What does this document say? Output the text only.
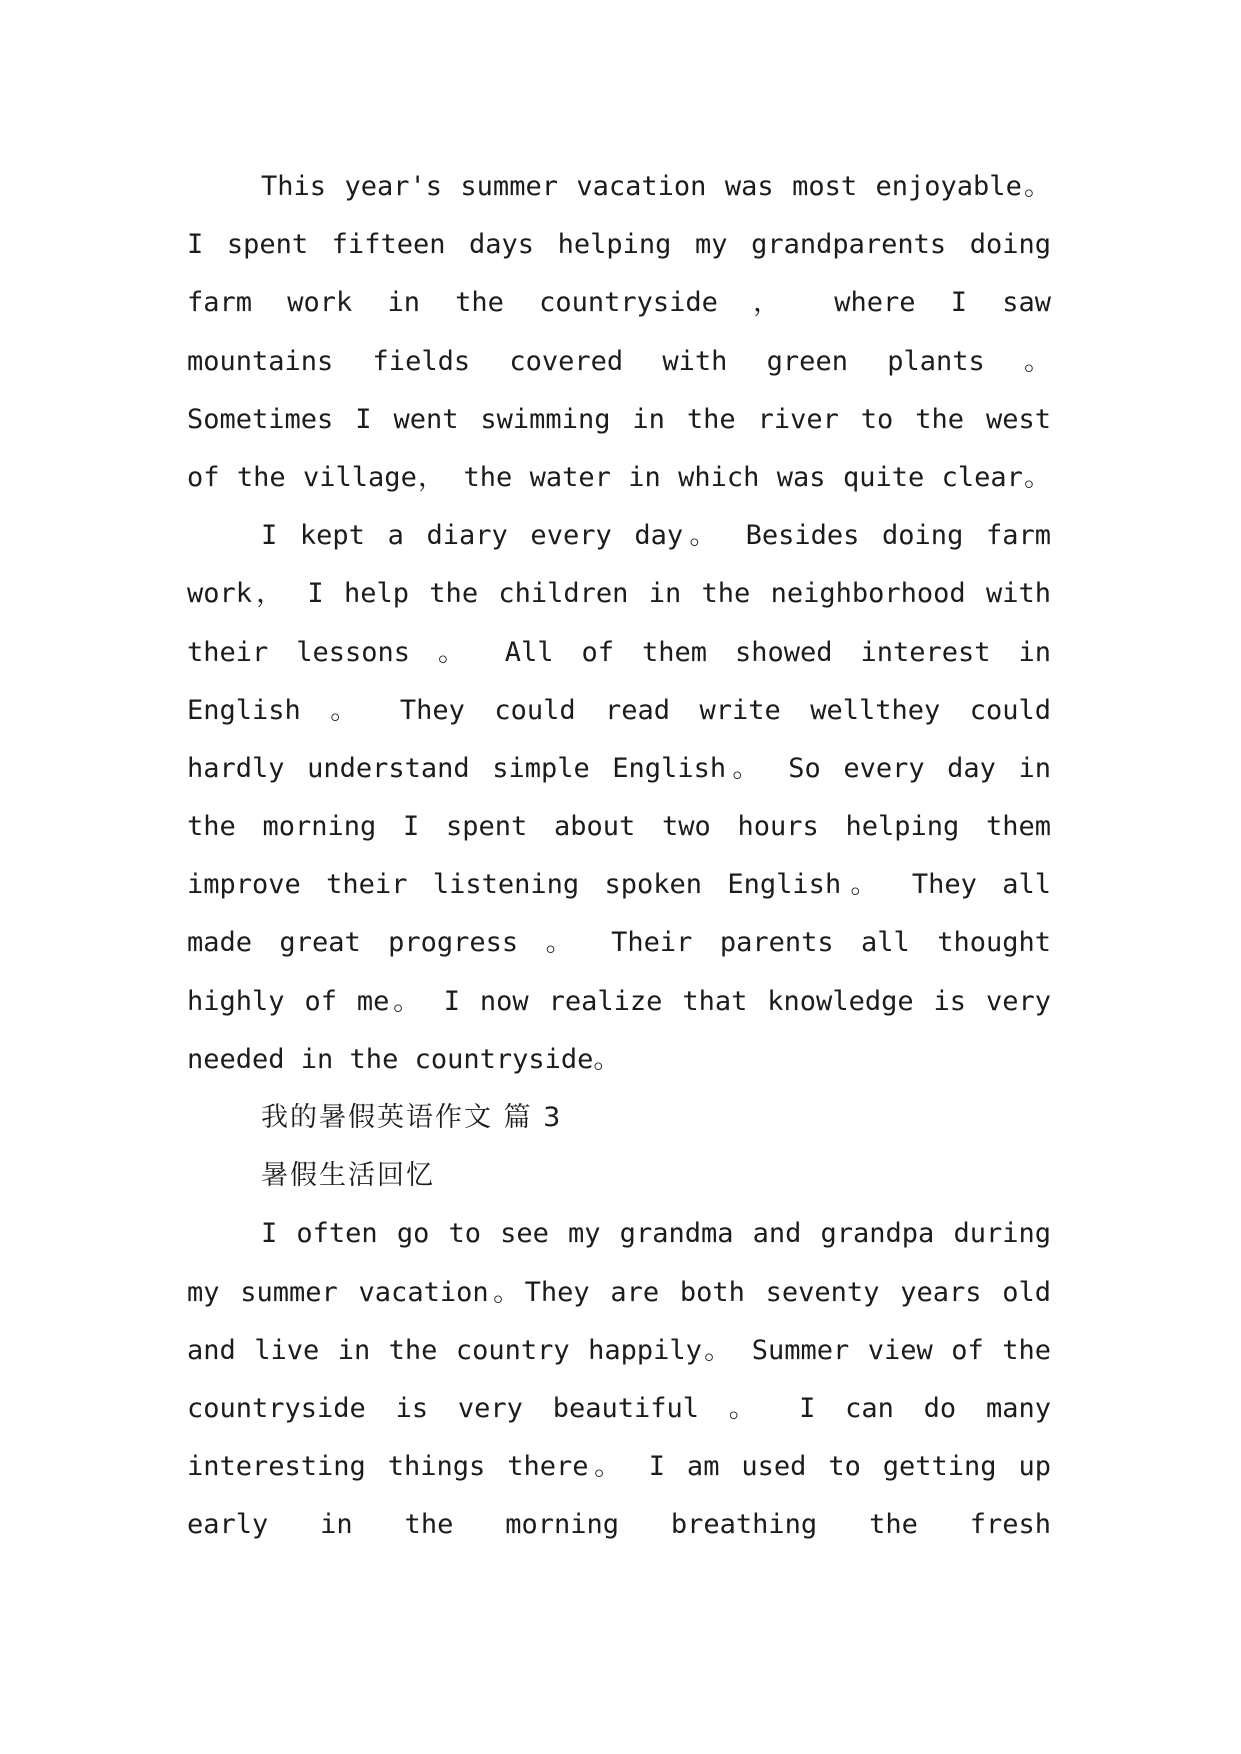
This year's summer vacation was most enjoyable。
I spent fifteen days helping my grandparents doing
farm work in the countryside ， where I saw
mountains fields covered with green plants 。
Sometimes I went swimming in the river to the west
of the village， the water in which was quite clear。
I kept a diary every day。 Besides doing farm
work， I help the children in the neighborhood with
their lessons 。 All of them showed interest in
English 。 They could read write wellthey could
hardly understand simple English。 So every day in
the morning I spent about two hours helping them
improve their listening spoken English。 They all
made great progress 。 Their parents all thought
highly of me。 I now realize that knowledge is very
needed in the countryside。
我的暑假英语作文 篇 3
暑假生活回忆
I often go to see my grandma and grandpa during
my summer vacation。They are both seventy years old
and live in the country happily。 Summer view of the
countryside is very beautiful 。 I can do many
interesting things there。 I am used to getting up
early in the morning breathing the fresh
